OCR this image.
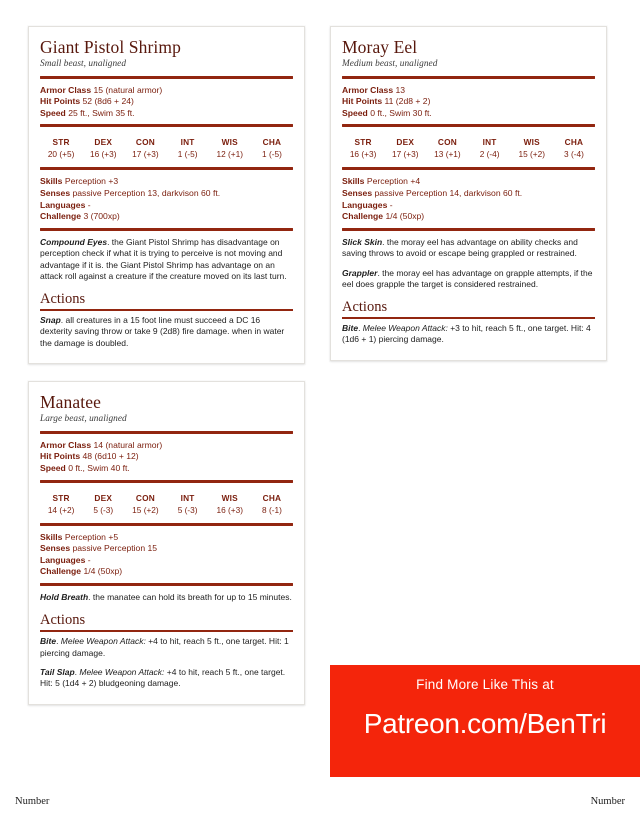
Giant Pistol Shrimp
Small beast, unaligned

Armor Class 15 (natural armor)

Hit Points 52 (8d6 + 24)

Speed 25 ft., Swim 35 ft.

STR
20 (+5)
DEX
16 (+3)
CON
17 (+3)
INT
1 (-5)
WIS
12 (+1)
CHA
1 (-5)

Skills Perception +3

Senses passive Perception 13, darkvison 60 ft.

Languages -

Challenge 3 (700xp)

Compound Eyes. the Giant Pistol Shrimp has disadvantage on perception check if what it is trying to perceive is not moving and advantage if it is. the Giant Pistol Shrimp has advantage on an attack roll against a creature if the creature moved on its last turn.

Actions

Snap. all creatures in a 15 foot line must succeed a DC 16 dexterity saving throw or take 9 (2d8) fire damage. when in water the damage is doubled.

Manatee
Large beast, unaligned

Armor Class 14 (natural armor)

Hit Points 48 (6d10 + 12)

Speed 0 ft., Swim 40 ft.

STR
14 (+2)
DEX
5 (-3)
CON
15 (+2)
INT
5 (-3)
WIS
16 (+3)
CHA
8 (-1)

Skills Perception +5

Senses passive Perception 15

Languages -

Challenge 1/4 (50xp)

Hold Breath. the manatee can hold its breath for up to 15 minutes.

Actions

Bite. Melee Weapon Attack: +4 to hit, reach 5 ft., one target. Hit: 1 piercing damage.

Tail Slap. Melee Weapon Attack: +4 to hit, reach 5 ft., one target. Hit: 5 (1d4 + 2) bludgeoning damage.

Moray Eel
Medium beast, unaligned

Armor Class 13

Hit Points 11 (2d8 + 2)

Speed 0 ft., Swim 30 ft.

STR
16 (+3)
DEX
17 (+3)
CON
13 (+1)
INT
2 (-4)
WIS
15 (+2)
CHA
3 (-4)

Skills Perception +4

Senses passive Perception 14, darkvison 60 ft.

Languages -

Challenge 1/4 (50xp)

Slick Skin. the moray eel has advantage on ability checks and saving throws to avoid or escape being grappled or restrained.

Grappler. the moray eel has advantage on grapple attempts, if the eel does grapple the target is considered restrained.

Actions

Bite. Melee Weapon Attack: +3 to hit, reach 5 ft., one target. Hit: 4 (1d6 + 1) piercing damage.

Find More Like This at
Patreon.com/BenTri
Number	Number
